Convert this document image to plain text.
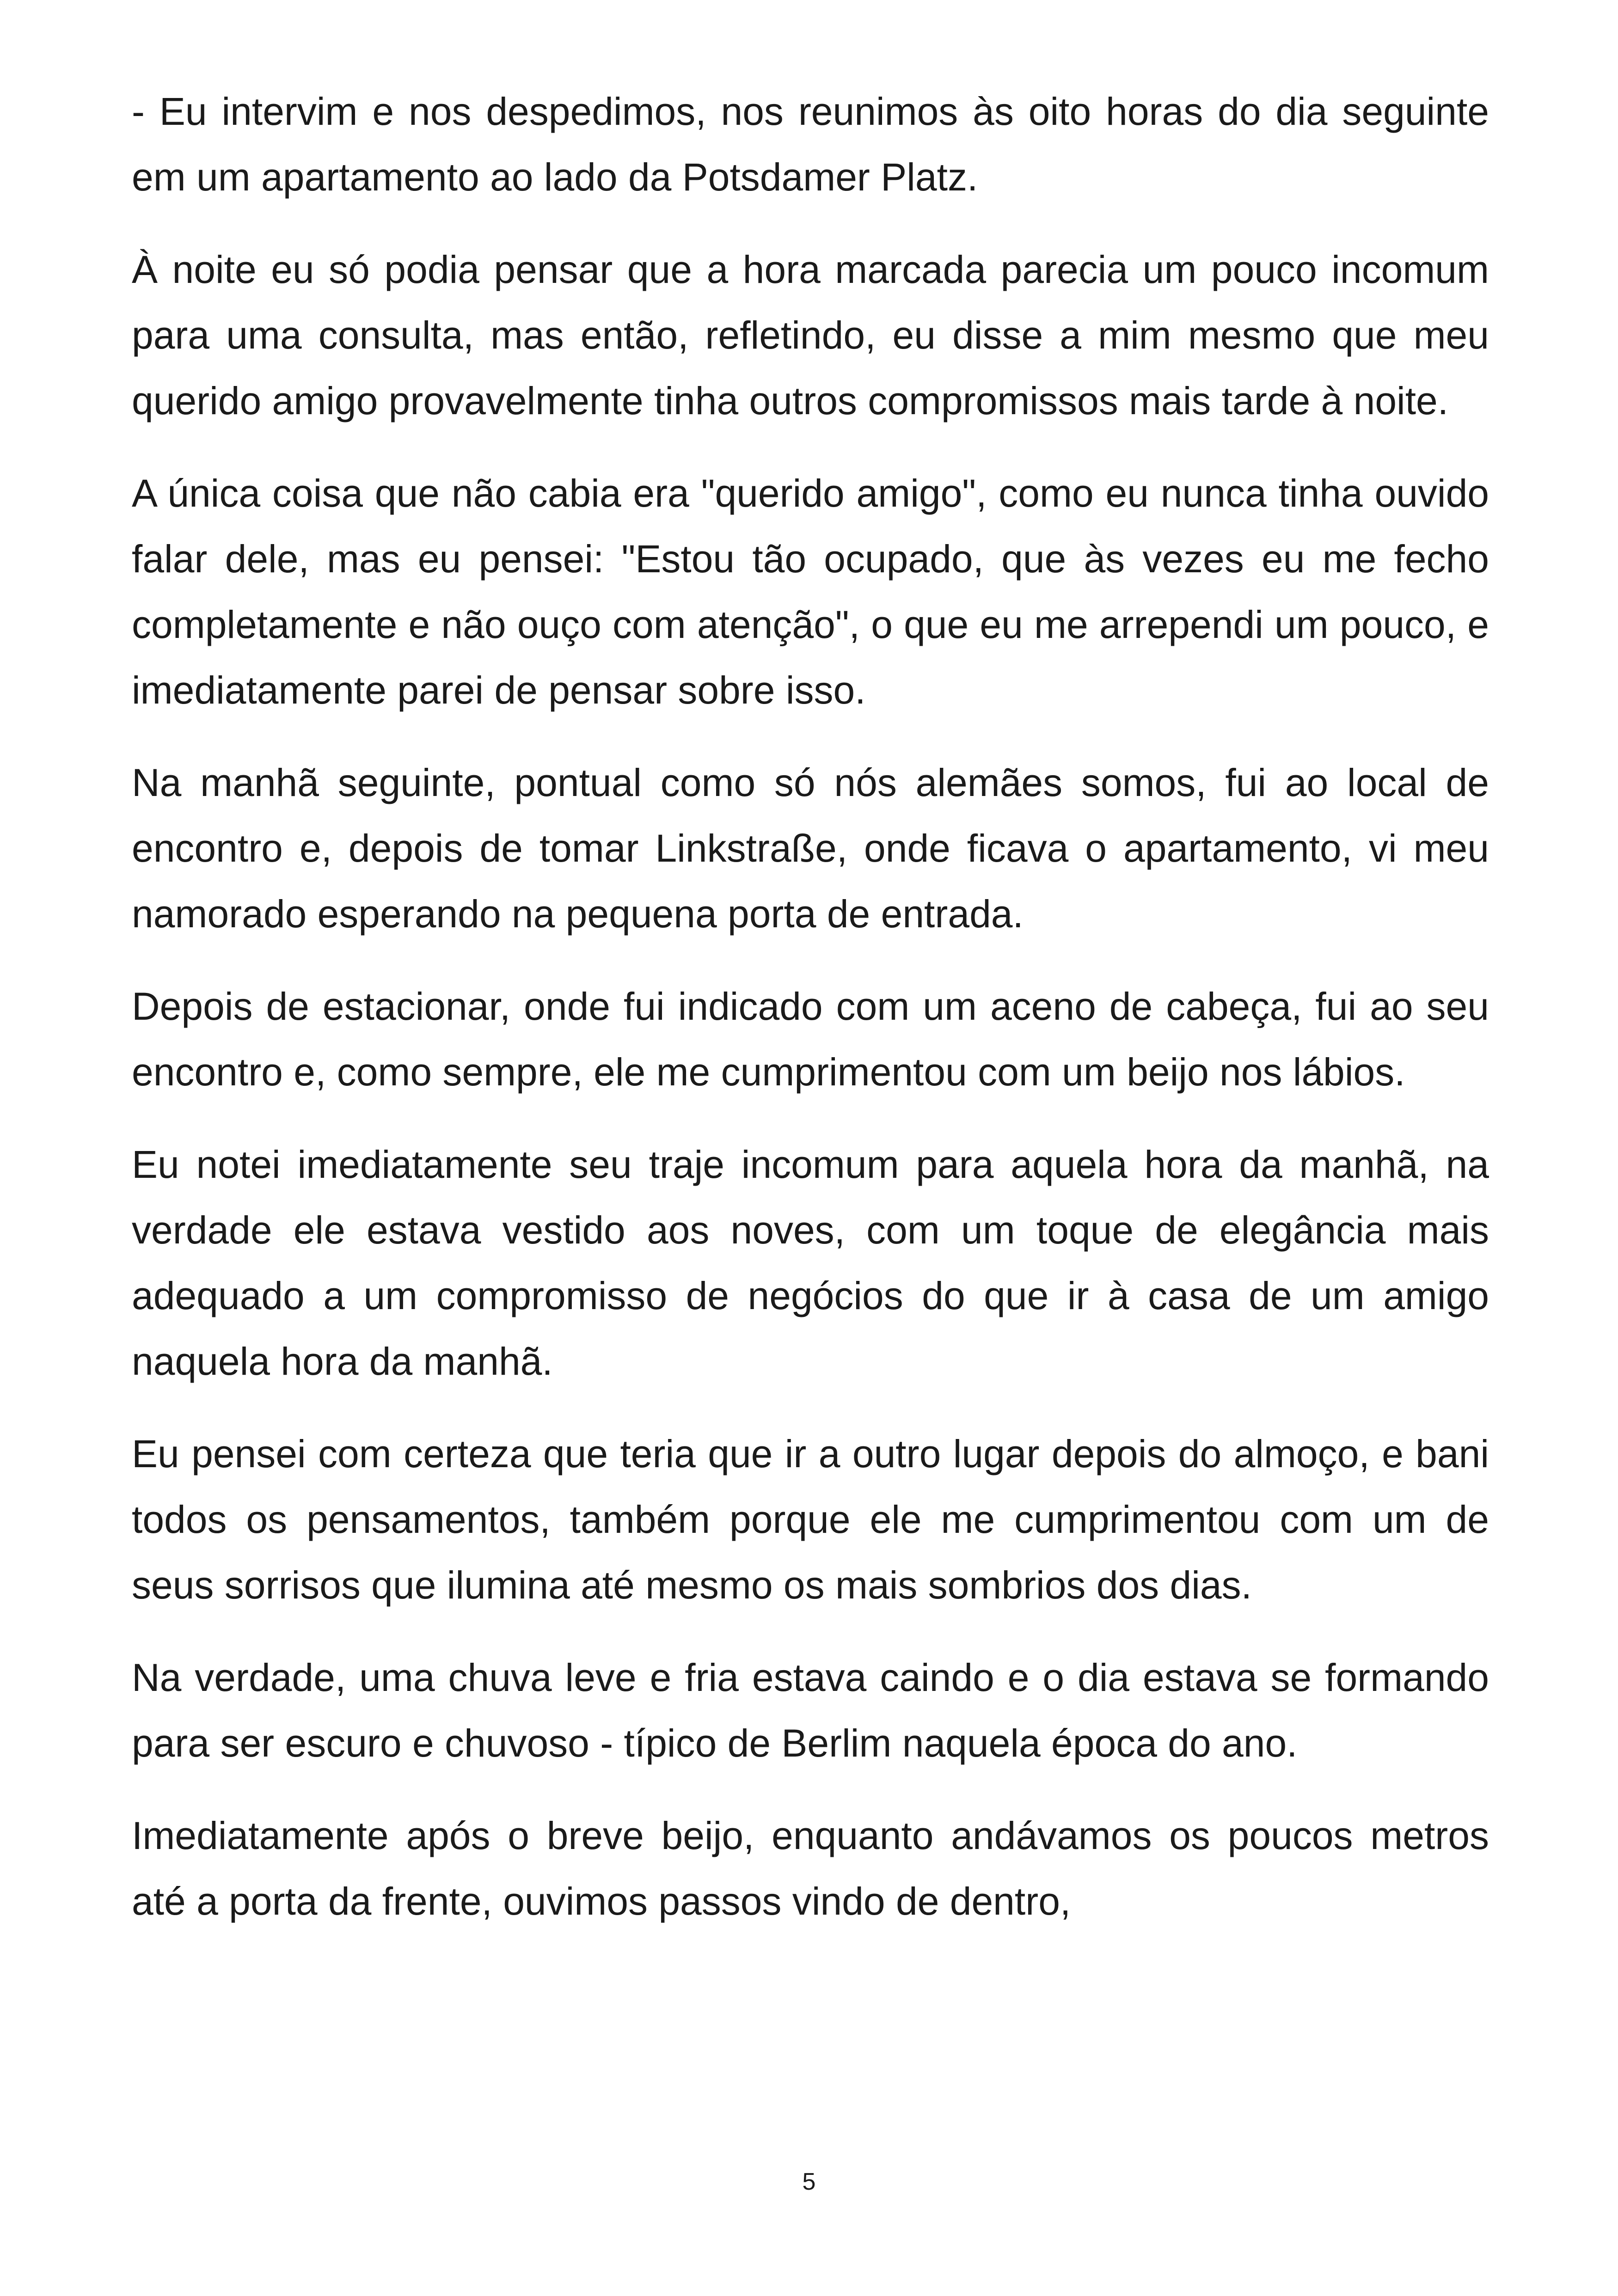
- Eu intervim e nos despedimos, nos reunimos às oito horas do dia seguinte em um apartamento ao lado da Potsdamer Platz.

À noite eu só podia pensar que a hora marcada parecia um pouco incomum para uma consulta, mas então, refletindo, eu disse a mim mesmo que meu querido amigo provavelmente tinha outros compromissos mais tarde à noite.

A única coisa que não cabia era "querido amigo", como eu nunca tinha ouvido falar dele, mas eu pensei: "Estou tão ocupado, que às vezes eu me fecho completamente e não ouço com atenção", o que eu me arrependi um pouco, e imediatamente parei de pensar sobre isso.

Na manhã seguinte, pontual como só nós alemães somos, fui ao local de encontro e, depois de tomar Linkstraße, onde ficava o apartamento, vi meu namorado esperando na pequena porta de entrada.

Depois de estacionar, onde fui indicado com um aceno de cabeça, fui ao seu encontro e, como sempre, ele me cumprimentou com um beijo nos lábios.

Eu notei imediatamente seu traje incomum para aquela hora da manhã, na verdade ele estava vestido aos noves, com um toque de elegância mais adequado a um compromisso de negócios do que ir à casa de um amigo naquela hora da manhã.

Eu pensei com certeza que teria que ir a outro lugar depois do almoço, e bani todos os pensamentos, também porque ele me cumprimentou com um de seus sorrisos que ilumina até mesmo os mais sombrios dos dias.

Na verdade, uma chuva leve e fria estava caindo e o dia estava se formando para ser escuro e chuvoso - típico de Berlim naquela época do ano.

Imediatamente após o breve beijo, enquanto andávamos os poucos metros até a porta da frente, ouvimos passos vindo de dentro,

5
